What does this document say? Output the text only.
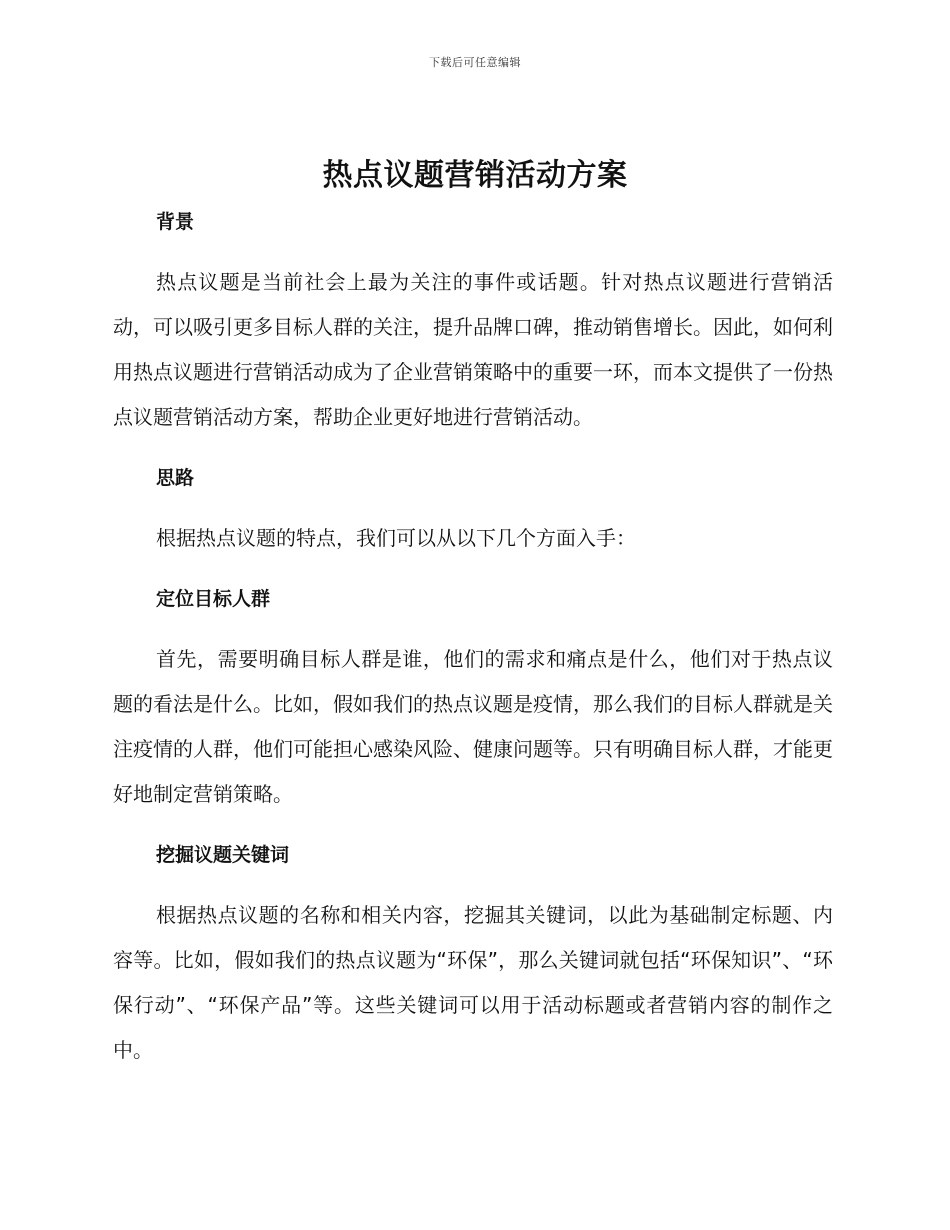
下载后可任意编辑
热点议题营销活动方案
背景

热点议题是当前社会上最为关注的事件或话题。针对热点议题进行营销活动，可以吸引更多目标人群的关注，提升品牌口碑，推动销售增长。因此，如何利用热点议题进行营销活动成为了企业营销策略中的重要一环，而本文提供了一份热点议题营销活动方案，帮助企业更好地进行营销活动。

思路

根据热点议题的特点，我们可以从以下几个方面入手：

定位目标人群

首先，需要明确目标人群是谁，他们的需求和痛点是什么，他们对于热点议题的看法是什么。比如，假如我们的热点议题是疫情，那么我们的目标人群就是关注疫情的人群，他们可能担心感染风险、健康问题等。只有明确目标人群，才能更好地制定营销策略。

挖掘议题关键词

根据热点议题的名称和相关内容，挖掘其关键词，以此为基础制定标题、内容等。比如，假如我们的热点议题为“环保”，那么关键词就包括“环保知识”、“环保行动”、“环保产品”等。这些关键词可以用于活动标题或者营销内容的制作之中。
